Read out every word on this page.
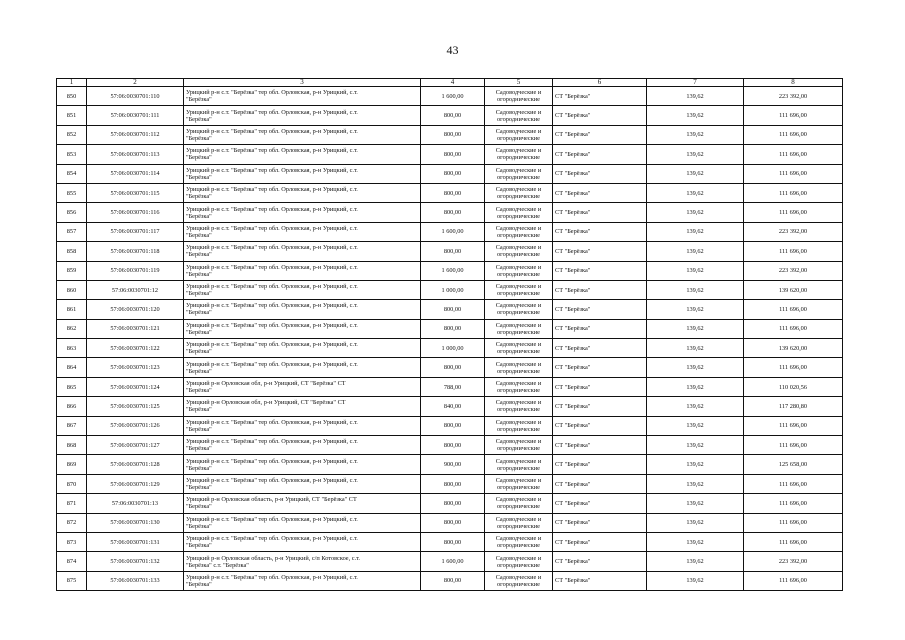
43
1	2	3	4	5	6	7	8
850	57:06:0030701:110	Урицкий р-н с.т. "Берёзка" тер обл. Орловская, р-н Урицкий, с.т.
"Берёзка"	1 600,00	Садоводческие и
огороднические	СТ "Берёзка"	139,62	223 392,00
851	57:06:0030701:111	Урицкий р-н с.т. "Берёзка" тер обл. Орловская, р-н Урицкий, с.т.
"Берёзка"	800,00	Садоводческие и
огороднические	СТ "Берёзка"	139,62	111 696,00
852	57:06:0030701:112	Урицкий р-н с.т. "Берёзка" тер обл. Орловская, р-н Урицкий, с.т.
"Берёзка"	800,00	Садоводческие и
огороднические	СТ "Берёзка"	139,62	111 696,00
853	57:06:0030701:113	Урицкий р-н с.т. "Берёзка" тер обл. Орловская, р-н Урицкий, с.т.
"Берёзка"	800,00	Садоводческие и
огороднические	СТ "Берёзка"	139,62	111 696,00
854	57:06:0030701:114	Урицкий р-н с.т. "Берёзка" тер обл. Орловская, р-н Урицкий, с.т.
"Берёзка"	800,00	Садоводческие и
огороднические	СТ "Берёзка"	139,62	111 696,00
855	57:06:0030701:115	Урицкий р-н с.т. "Берёзка" тер обл. Орловская, р-н Урицкий, с.т.
"Берёзка"	800,00	Садоводческие и
огороднические	СТ "Берёзка"	139,62	111 696,00
856	57:06:0030701:116	Урицкий р-н с.т. "Берёзка" тер обл. Орловская, р-н Урицкий, с.т.
"Берёзка"	800,00	Садоводческие и
огороднические	СТ "Берёзка"	139,62	111 696,00
857	57:06:0030701:117	Урицкий р-н с.т. "Берёзка" тер обл. Орловская, р-н Урицкий, с.т.
"Берёзка"	1 600,00	Садоводческие и
огороднические	СТ "Берёзка"	139,62	223 392,00
858	57:06:0030701:118	Урицкий р-н с.т. "Берёзка" тер обл. Орловская, р-н Урицкий, с.т.
"Берёзка"	800,00	Садоводческие и
огороднические	СТ "Берёзка"	139,62	111 696,00
859	57:06:0030701:119	Урицкий р-н с.т. "Берёзка" тер обл. Орловская, р-н Урицкий, с.т.
"Берёзка"	1 600,00	Садоводческие и
огороднические	СТ "Берёзка"	139,62	223 392,00
860	57:06:0030701:12	Урицкий р-н с.т. "Берёзка" тер обл. Орловская, р-н Урицкий, с.т.
"Берёзка"	1 000,00	Садоводческие и
огороднические	СТ "Берёзка"	139,62	139 620,00
861	57:06:0030701:120	Урицкий р-н с.т. "Берёзка" тер обл. Орловская, р-н Урицкий, с.т.
"Берёзка"	800,00	Садоводческие и
огороднические	СТ "Берёзка"	139,62	111 696,00
862	57:06:0030701:121	Урицкий р-н с.т. "Берёзка" тер обл. Орловская, р-н Урицкий, с.т.
"Берёзка"	800,00	Садоводческие и
огороднические	СТ "Берёзка"	139,62	111 696,00
863	57:06:0030701:122	Урицкий р-н с.т. "Берёзка" тер обл. Орловская, р-н Урицкий, с.т.
"Берёзка"	1 000,00	Садоводческие и
огороднические	СТ "Берёзка"	139,62	139 620,00
864	57:06:0030701:123	Урицкий р-н с.т. "Берёзка" тер обл. Орловская, р-н Урицкий, с.т.
"Берёзка"	800,00	Садоводческие и
огороднические	СТ "Берёзка"	139,62	111 696,00
865	57:06:0030701:124	Урицкий р-н Орловская обл, р-н Урицкий, СТ "Берёзка" СТ
"Берёзка"	788,00	Садоводческие и
огороднические	СТ "Берёзка"	139,62	110 020,56
866	57:06:0030701:125	Урицкий р-н Орловская обл, р-н Урицкий, СТ "Берёзка" СТ
"Берёзка"	840,00	Садоводческие и
огороднические	СТ "Берёзка"	139,62	117 280,80
867	57:06:0030701:126	Урицкий р-н с.т. "Берёзка" тер обл. Орловская, р-н Урицкий, с.т.
"Берёзка"	800,00	Садоводческие и
огороднические	СТ "Берёзка"	139,62	111 696,00
868	57:06:0030701:127	Урицкий р-н с.т. "Берёзка" тер обл. Орловская, р-н Урицкий, с.т.
"Берёзка"	800,00	Садоводческие и
огороднические	СТ "Берёзка"	139,62	111 696,00
869	57:06:0030701:128	Урицкий р-н с.т. "Берёзка" тер обл. Орловская, р-н Урицкий, с.т.
"Берёзка"	900,00	Садоводческие и
огороднические	СТ "Берёзка"	139,62	125 658,00
870	57:06:0030701:129	Урицкий р-н с.т. "Берёзка" тер обл. Орловская, р-н Урицкий, с.т.
"Берёзка"	800,00	Садоводческие и
огороднические	СТ "Берёзка"	139,62	111 696,00
871	57:06:0030701:13	Урицкий р-н Орловская область, р-н Урицкий, СТ "Берёзка" СТ
"Берёзка"	800,00	Садоводческие и
огороднические	СТ "Берёзка"	139,62	111 696,00
872	57:06:0030701:130	Урицкий р-н с.т. "Берёзка" тер обл. Орловская, р-н Урицкий, с.т.
"Берёзка"	800,00	Садоводческие и
огороднические	СТ "Берёзка"	139,62	111 696,00
873	57:06:0030701:131	Урицкий р-н с.т. "Берёзка" тер обл. Орловская, р-н Урицкий, с.т.
"Берёзка"	800,00	Садоводческие и
огороднические	СТ "Берёзка"	139,62	111 696,00
874	57:06:0030701:132	Урицкий р-н Орловская область, р-н Урицкий, с/п Котовское, с.т.
"Берёзка" с.т. "Берёзка"	1 600,00	Садоводческие и
огороднические	СТ "Берёзка"	139,62	223 392,00
875	57:06:0030701:133	Урицкий р-н с.т. "Берёзка" тер обл. Орловская, р-н Урицкий, с.т.
"Берёзка"	800,00	Садоводческие и
огороднические	СТ "Берёзка"	139,62	111 696,00
